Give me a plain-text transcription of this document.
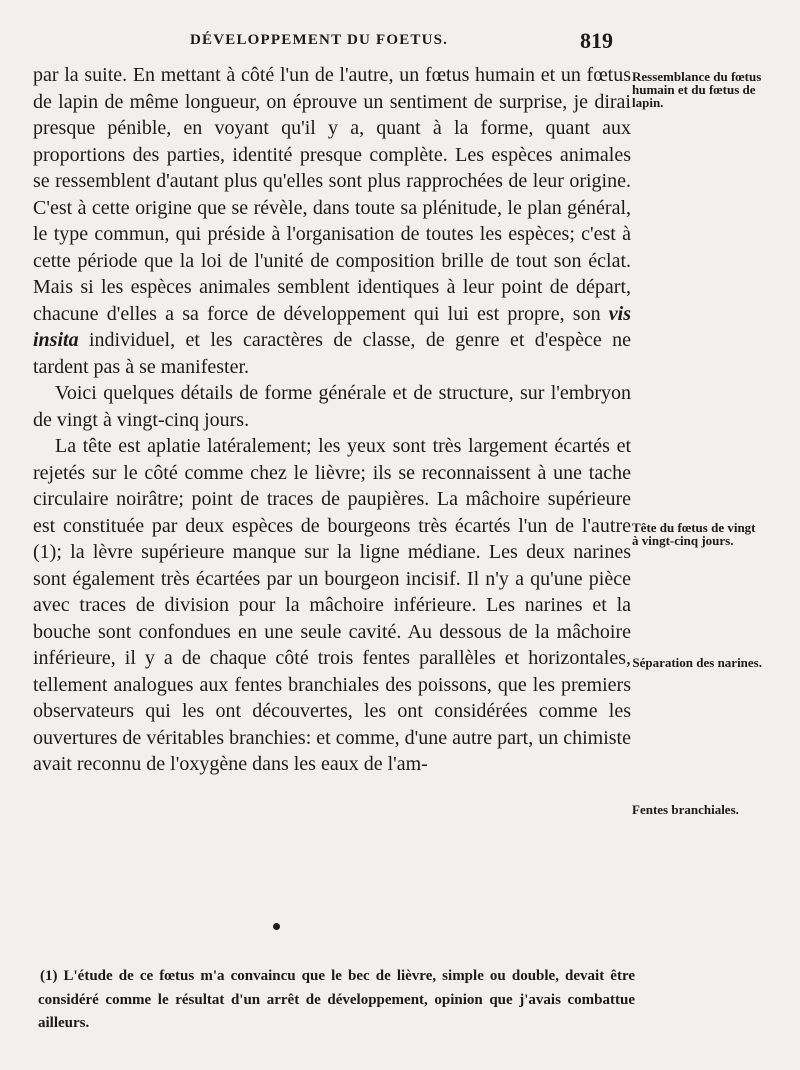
DÉVELOPPEMENT DU FOETUS.	819

par la suite. En mettant à côté l'un de l'autre, un fœtus humain et un fœtus de lapin de même longueur, on éprouve un sentiment de surprise, je dirai presque pénible, en voyant qu'il y a, quant à la forme, quant aux proportions des parties, identité presque complète. Les espèces animales se ressemblent d'autant plus qu'elles sont plus rapprochées de leur origine. C'est à cette origine que se révèle, dans toute sa plénitude, le plan général, le type commun, qui préside à l'organisation de toutes les espèces; c'est à cette période que la loi de l'unité de composition brille de tout son éclat. Mais si les espèces animales semblent identiques à leur point de départ, chacune d'elles a sa force de développement qui lui est propre, son vis insita individuel, et les caractères de classe, de genre et d'espèce ne tardent pas à se manifester.

Voici quelques détails de forme générale et de structure, sur l'embryon de vingt à vingt-cinq jours.

La tête est aplatie latéralement; les yeux sont très largement écartés et rejetés sur le côté comme chez le lièvre; ils se reconnaissent à une tache circulaire noirâtre; point de traces de paupières. La mâchoire supérieure est constituée par deux espèces de bourgeons très écartés l'un de l'autre (1); la lèvre supérieure manque sur la ligne médiane. Les deux narines sont également très écartées par un bourgeon incisif. Il n'y a qu'une pièce avec traces de division pour la mâchoire inférieure. Les narines et la bouche sont confondues en une seule cavité. Au dessous de la mâchoire inférieure, il y a de chaque côté trois fentes parallèles et horizontales, tellement analogues aux fentes branchiales des poissons, que les premiers observateurs qui les ont découvertes, les ont considérées comme les ouvertures de véritables branchies: et comme, d'une autre part, un chimiste avait reconnu de l'oxygène dans les eaux de l'am-

Ressemblance du fœtus humain et du fœtus de lapin.
Tête du fœtus de vingt à vingt-cinq jours.
Séparation des narines.
Fentes branchiales.
(1) L'étude de ce fœtus m'a convaincu que le bec de lièvre, simple ou double, devait être considéré comme le résultat d'un arrêt de développement, opinion que j'avais combattue ailleurs.
